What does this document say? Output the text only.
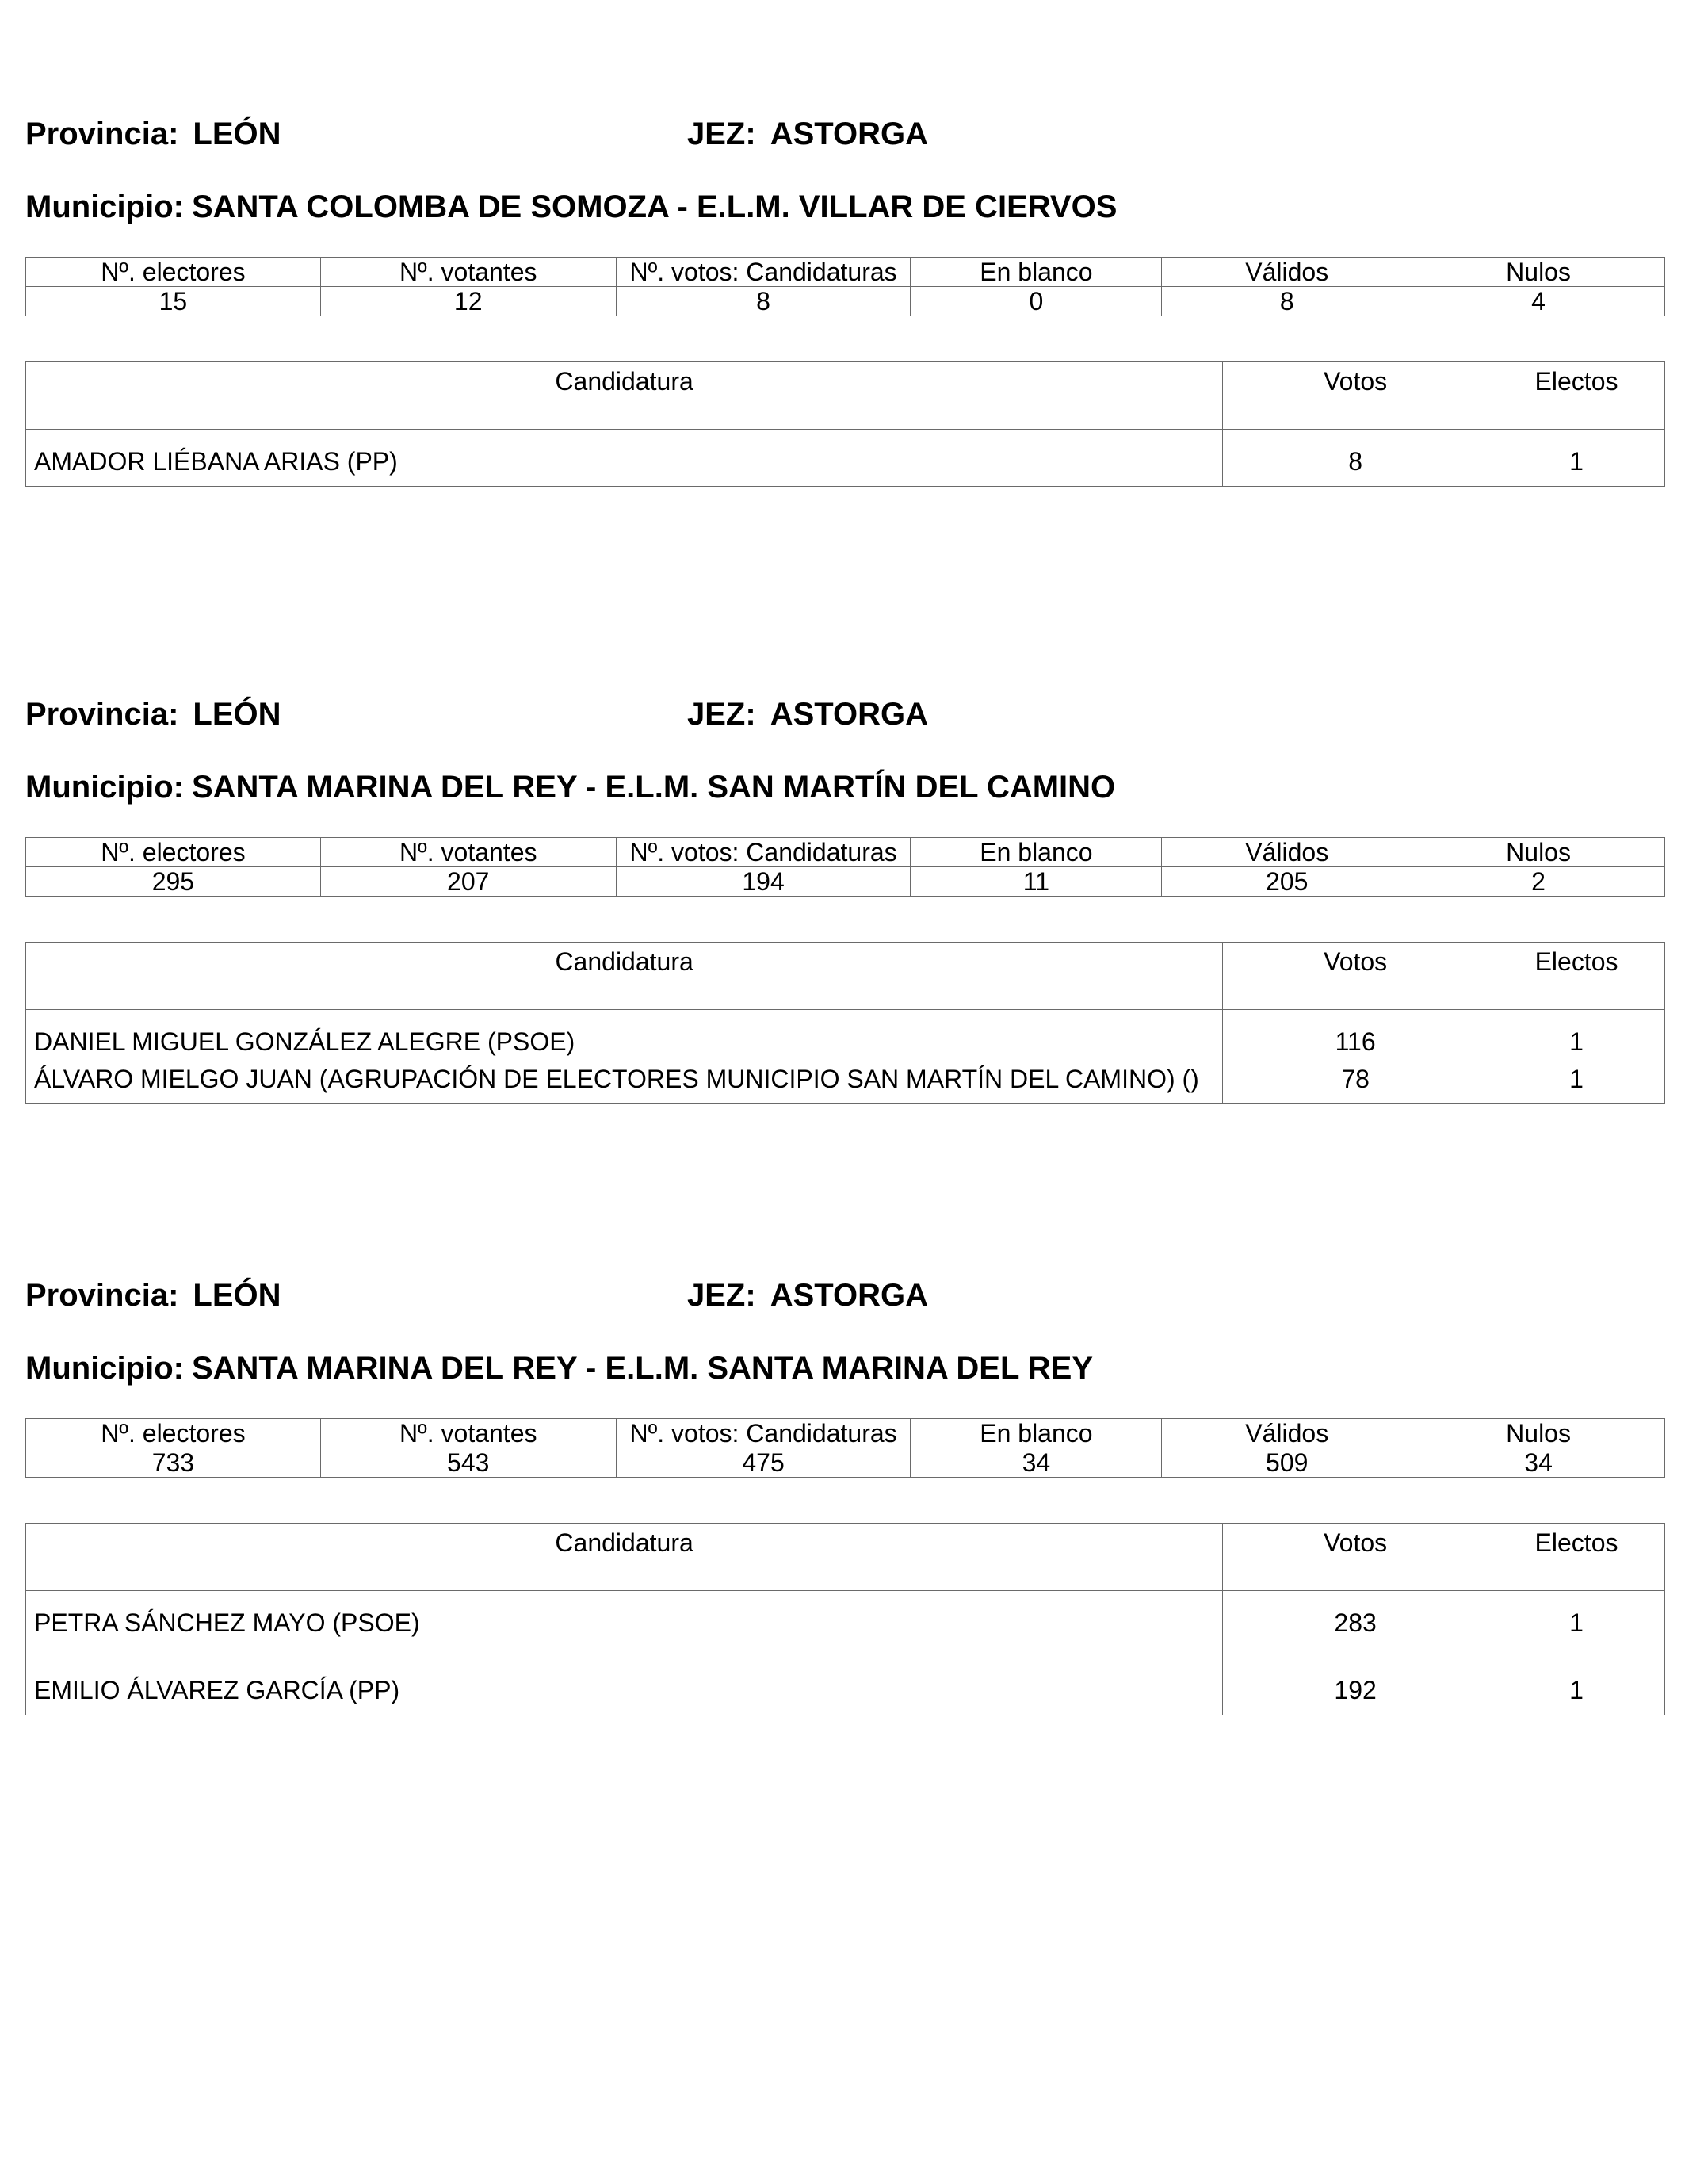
Provincia: LEÓN	JEZ: ASTORGA
Municipio: SANTA COLOMBA DE SOMOZA - E.L.M. VILLAR DE CIERVOS
Nº. electores	Nº. votantes	Nº. votos: Candidaturas	En blanco	Válidos	Nulos
15	12	8	0	8	4
Candidatura	Votos	Electos
AMADOR LIÉBANA ARIAS (PP)	8	1
Provincia: LEÓN	JEZ: ASTORGA
Municipio: SANTA MARINA DEL REY - E.L.M. SAN MARTÍN DEL CAMINO
Nº. electores	Nº. votantes	Nº. votos: Candidaturas	En blanco	Válidos	Nulos
295	207	194	11	205	2
Candidatura	Votos	Electos
DANIEL MIGUEL GONZÁLEZ ALEGRE (PSOE)	116	1
ÁLVARO MIELGO JUAN (AGRUPACIÓN DE ELECTORES MUNICIPIO SAN MARTÍN DEL CAMINO) ()	78	1
Provincia: LEÓN	JEZ: ASTORGA
Municipio: SANTA MARINA DEL REY - E.L.M. SANTA MARINA DEL REY
Nº. electores	Nº. votantes	Nº. votos: Candidaturas	En blanco	Válidos	Nulos
733	543	475	34	509	34
Candidatura	Votos	Electos
PETRA SÁNCHEZ MAYO (PSOE)	283	1
EMILIO ÁLVAREZ GARCÍA (PP)	192	1
